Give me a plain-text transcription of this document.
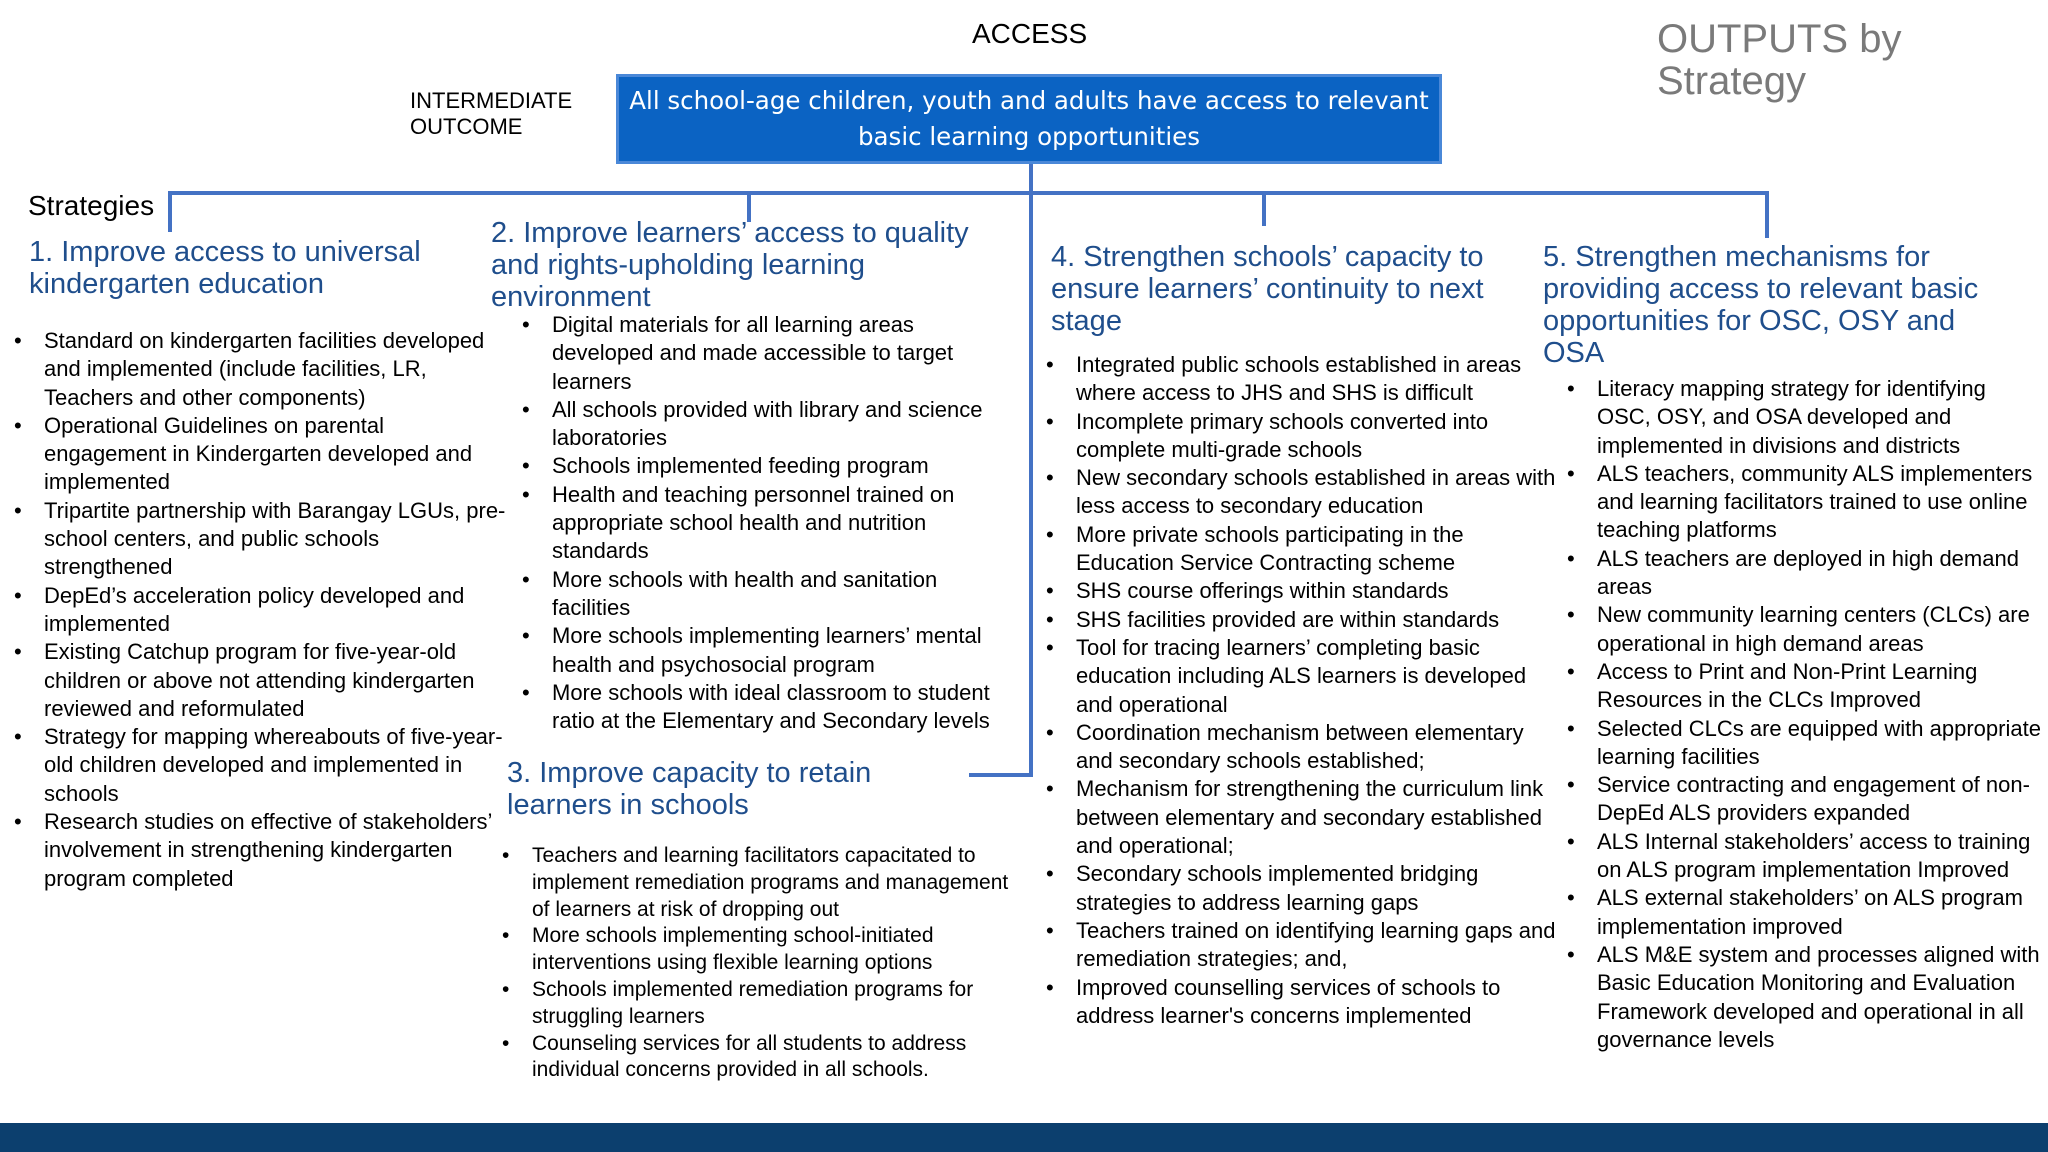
ACCESS	OUTPUTS by Strategy
INTERMEDIATE OUTCOME
All school-age children, youth and adults have access to relevant basic learning opportunities
Strategies
1. Improve access to universal kindergarten education
• Standard on kindergarten facilities developed and implemented (include facilities, LR, Teachers and other components)
• Operational Guidelines on parental engagement in Kindergarten developed and implemented
• Tripartite partnership with Barangay LGUs, pre-school centers, and public schools strengthened
• DepEd’s acceleration policy developed and implemented
• Existing Catchup program for five-year-old children or above not attending kindergarten reviewed and reformulated
• Strategy for mapping whereabouts of five-year-old children developed and implemented in schools
• Research studies on effective of stakeholders’ involvement in strengthening kindergarten program completed
2. Improve learners’ access to quality and rights-upholding learning environment
• Digital materials for all learning areas developed and made accessible to target learners
• All schools provided with library and science laboratories
• Schools implemented feeding program
• Health and teaching personnel trained on appropriate school health and nutrition standards
• More schools with health and sanitation facilities
• More schools implementing learners’ mental health and psychosocial program
• More schools with ideal classroom to student ratio at the Elementary and Secondary levels
3. Improve capacity to retain learners in schools
• Teachers and learning facilitators capacitated to implement remediation programs and management of learners at risk of dropping out
• More schools implementing school-initiated interventions using flexible learning options
• Schools implemented remediation programs for struggling learners
• Counseling services for all students to address individual concerns provided in all schools.
4. Strengthen schools’ capacity to ensure learners’ continuity to next stage
• Integrated public schools established in areas where access to JHS and SHS is difficult
• Incomplete primary schools converted into complete multi-grade schools
• New secondary schools established in areas with less access to secondary education
• More private schools participating in the Education Service Contracting scheme
• SHS course offerings within standards
• SHS facilities provided are within standards
• Tool for tracing learners’ completing basic education including ALS learners is developed and operational
• Coordination mechanism between elementary and secondary schools established;
• Mechanism for strengthening the curriculum link between elementary and secondary established and operational;
• Secondary schools implemented bridging strategies to address learning gaps
• Teachers trained on identifying learning gaps and remediation strategies; and,
• Improved counselling services of schools to address learner's concerns implemented
5. Strengthen mechanisms for providing access to relevant basic opportunities for OSC, OSY and OSA
• Literacy mapping strategy for identifying OSC, OSY, and OSA developed and implemented in divisions and districts
• ALS teachers, community ALS implementers and learning facilitators trained to use online teaching platforms
• ALS teachers are deployed in high demand areas
• New community learning centers (CLCs) are operational in high demand areas
• Access to Print and Non-Print Learning Resources in the CLCs Improved
• Selected CLCs are equipped with appropriate learning facilities
• Service contracting and engagement of non-DepEd ALS providers expanded
• ALS Internal stakeholders’ access to training on ALS program implementation Improved
• ALS external stakeholders’ on ALS program implementation improved
• ALS M&E system and processes aligned with Basic Education Monitoring and Evaluation Framework developed and operational in all governance levels
